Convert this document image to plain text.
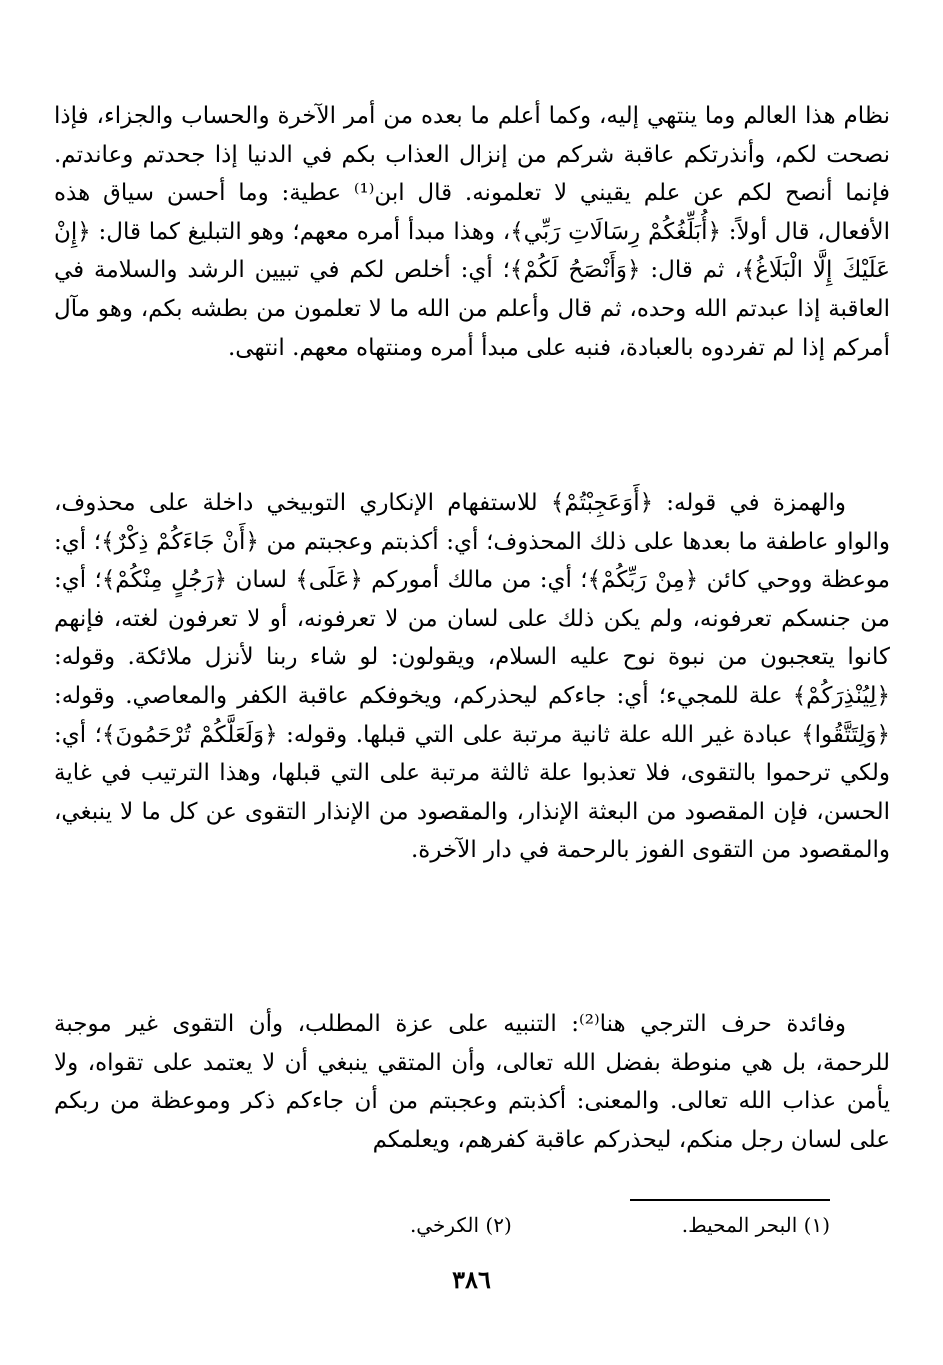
نظام هذا العالم وما ينتهي إليه، وكما أعلم ما بعده من أمر الآخرة والحساب والجزاء، فإذا نصحت لكم، وأنذرتكم عاقبة شركم من إنزال العذاب بكم في الدنيا إذا جحدتم وعاندتم. فإنما أنصح لكم عن علم يقيني لا تعلمونه. قال ابن⁽¹⁾ عطية: وما أحسن سياق هذه الأفعال، قال أولاً: ﴿أُبَلِّغُكُمْ رِسَالَاتِ رَبِّي﴾، وهذا مبدأ أمره معهم؛ وهو التبليغ كما قال: ﴿إِنْ عَلَيْكَ إِلَّا الْبَلَاغُ﴾، ثم قال: ﴿وَأَنْصَحُ لَكُمْ﴾؛ أي: أخلص لكم في تبيين الرشد والسلامة في العاقبة إذا عبدتم الله وحده، ثم قال وأعلم من الله ما لا تعلمون من بطشه بكم، وهو مآل أمركم إذا لم تفردوه بالعبادة، فنبه على مبدأ أمره ومنتهاه معهم. انتهى.

والهمزة في قوله: ﴿أَوَعَجِبْتُمْ﴾ للاستفهام الإنكاري التوبيخي داخلة على محذوف، والواو عاطفة ما بعدها على ذلك المحذوف؛ أي: أكذبتم وعجبتم من ﴿أَنْ جَاءَكُمْ ذِكْرٌ﴾؛ أي: موعظة ووحي كائن ﴿مِنْ رَبِّكُمْ﴾؛ أي: من مالك أموركم ﴿عَلَى﴾ لسان ﴿رَجُلٍ مِنْكُمْ﴾؛ أي: من جنسكم تعرفونه، ولم يكن ذلك على لسان من لا تعرفونه، أو لا تعرفون لغته، فإنهم كانوا يتعجبون من نبوة نوح عليه السلام، ويقولون: لو شاء ربنا لأنزل ملائكة. وقوله: ﴿لِيُنْذِرَكُمْ﴾ علة للمجيء؛ أي: جاءكم ليحذركم، ويخوفكم عاقبة الكفر والمعاصي. وقوله: ﴿وَلِتَتَّقُوا﴾ عبادة غير الله علة ثانية مرتبة على التي قبلها. وقوله: ﴿وَلَعَلَّكُمْ تُرْحَمُونَ﴾؛ أي: ولكي ترحموا بالتقوى، فلا تعذبوا علة ثالثة مرتبة على التي قبلها، وهذا الترتيب في غاية الحسن، فإن المقصود من البعثة الإنذار، والمقصود من الإنذار التقوى عن كل ما لا ينبغي، والمقصود من التقوى الفوز بالرحمة في دار الآخرة.

وفائدة حرف الترجي هنا⁽²⁾: التنبيه على عزة المطلب، وأن التقوى غير موجبة للرحمة، بل هي منوطة بفضل الله تعالى، وأن المتقي ينبغي أن لا يعتمد على تقواه، ولا يأمن عذاب الله تعالى. والمعنى: أكذبتم وعجبتم من أن جاءكم ذكر وموعظة من ربكم على لسان رجل منكم، ليحذركم عاقبة كفرهم، ويعلمكم

(١) البحر المحيط.
(٢) الكرخي.
٣٨٦
